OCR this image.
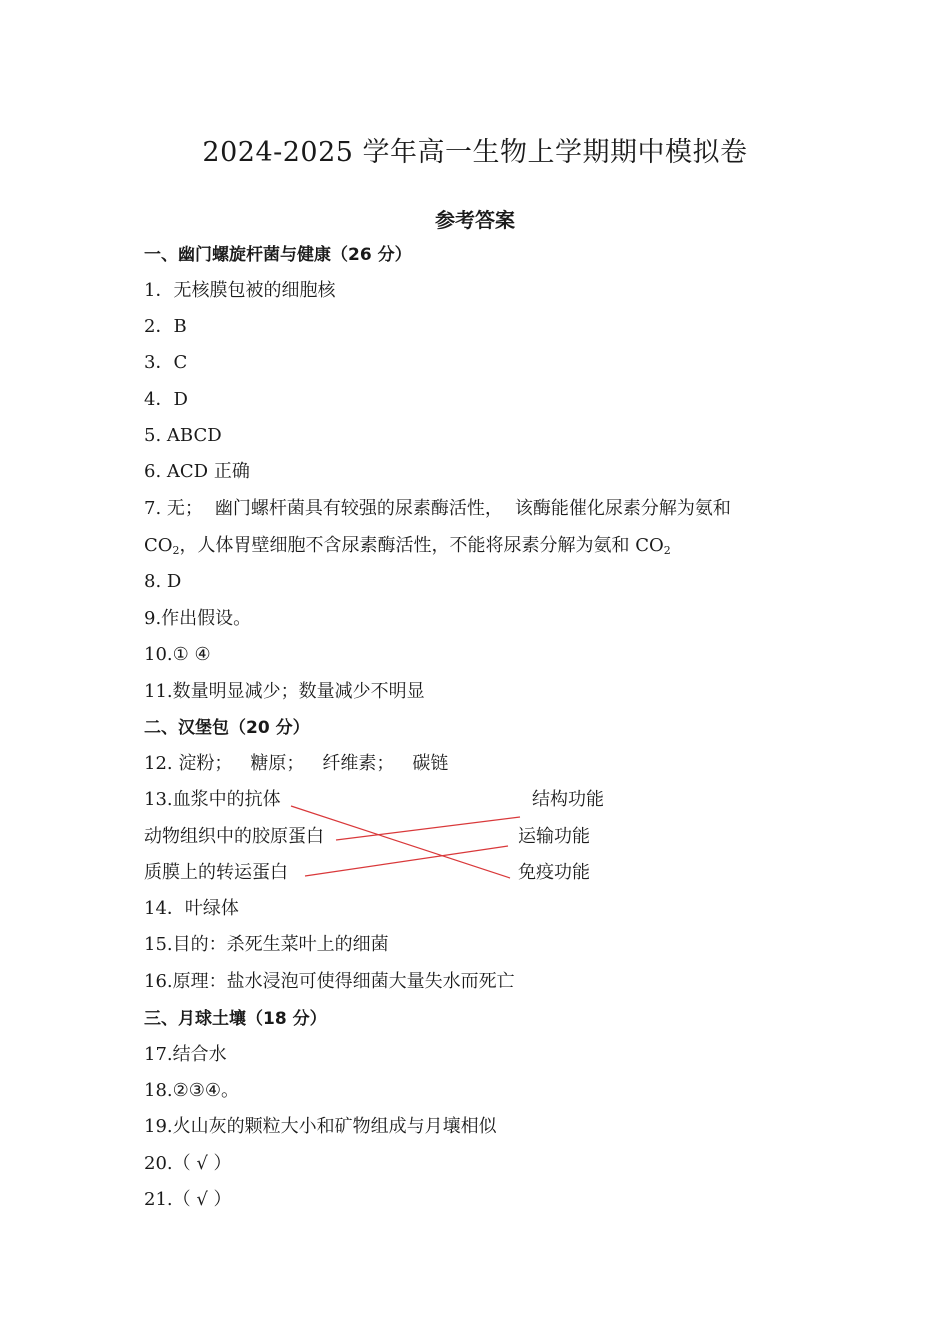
2024-2025 学年高一生物上学期期中模拟卷
参考答案
一、幽门螺旋杆菌与健康（26 分）
1．无核膜包被的细胞核
2．B
3．C
4．D
5. ABCD
6. ACD 正确
7. 无； 幽门螺杆菌具有较强的尿素酶活性， 该酶能催化尿素分解为氨和
$CO_2$，人体胃壁细胞不含尿素酶活性，不能将尿素分解为氨和 $CO_2$
8. D
9.作出假设。
10.① ④
11.数量明显减少；数量减少不明显
二、汉堡包（20 分）
12. 淀粉； 糖原； 纤维素； 碳链
13.血浆中的抗体
动物组织中的胶原蛋白
质膜上的转运蛋白
结构功能
运输功能
免疫功能
14．叶绿体
15.目的：杀死生菜叶上的细菌
16.原理：盐水浸泡可使得细菌大量失水而死亡
三、月球土壤（18 分）
17.结合水
18.②③④。
19.火山灰的颗粒大小和矿物组成与月壤相似
20.（ √ ）
21.（ √ ）
